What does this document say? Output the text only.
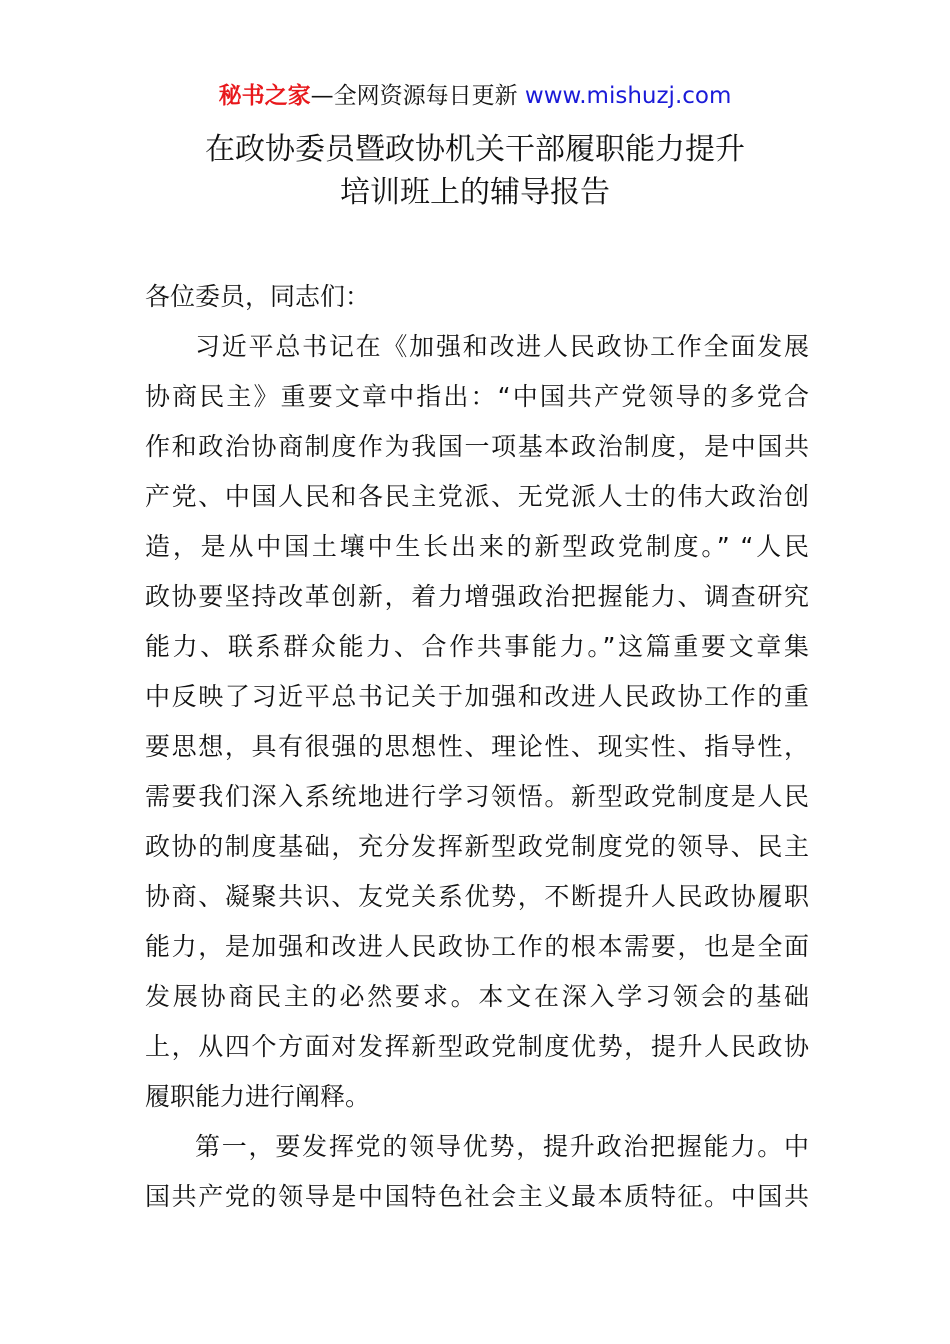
秘书之家—全网资源每日更新 www.mishuzj.com
在政协委员暨政协机关干部履职能力提升
培训班上的辅导报告

各位委员，同志们：

习近平总书记在《加强和改进人民政协工作全面发展

协商民主》重要文章中指出：“中国共产党领导的多党合

作和政治协商制度作为我国一项基本政治制度，是中国共

产党、中国人民和各民主党派、无党派人士的伟大政治创

造，是从中国土壤中生长出来的新型政党制度。” “人民

政协要坚持改革创新，着力增强政治把握能力、调查研究

能力、联系群众能力、合作共事能力。”这篇重要文章集

中反映了习近平总书记关于加强和改进人民政协工作的重

要思想，具有很强的思想性、理论性、现实性、指导性，

需要我们深入系统地进行学习领悟。新型政党制度是人民

政协的制度基础，充分发挥新型政党制度党的领导、民主

协商、凝聚共识、友党关系优势，不断提升人民政协履职

能力，是加强和改进人民政协工作的根本需要，也是全面

发展协商民主的必然要求。本文在深入学习领会的基础

上，从四个方面对发挥新型政党制度优势，提升人民政协

履职能力进行阐释。

第一，要发挥党的领导优势，提升政治把握能力。中

国共产党的领导是中国特色社会主义最本质特征。中国共
